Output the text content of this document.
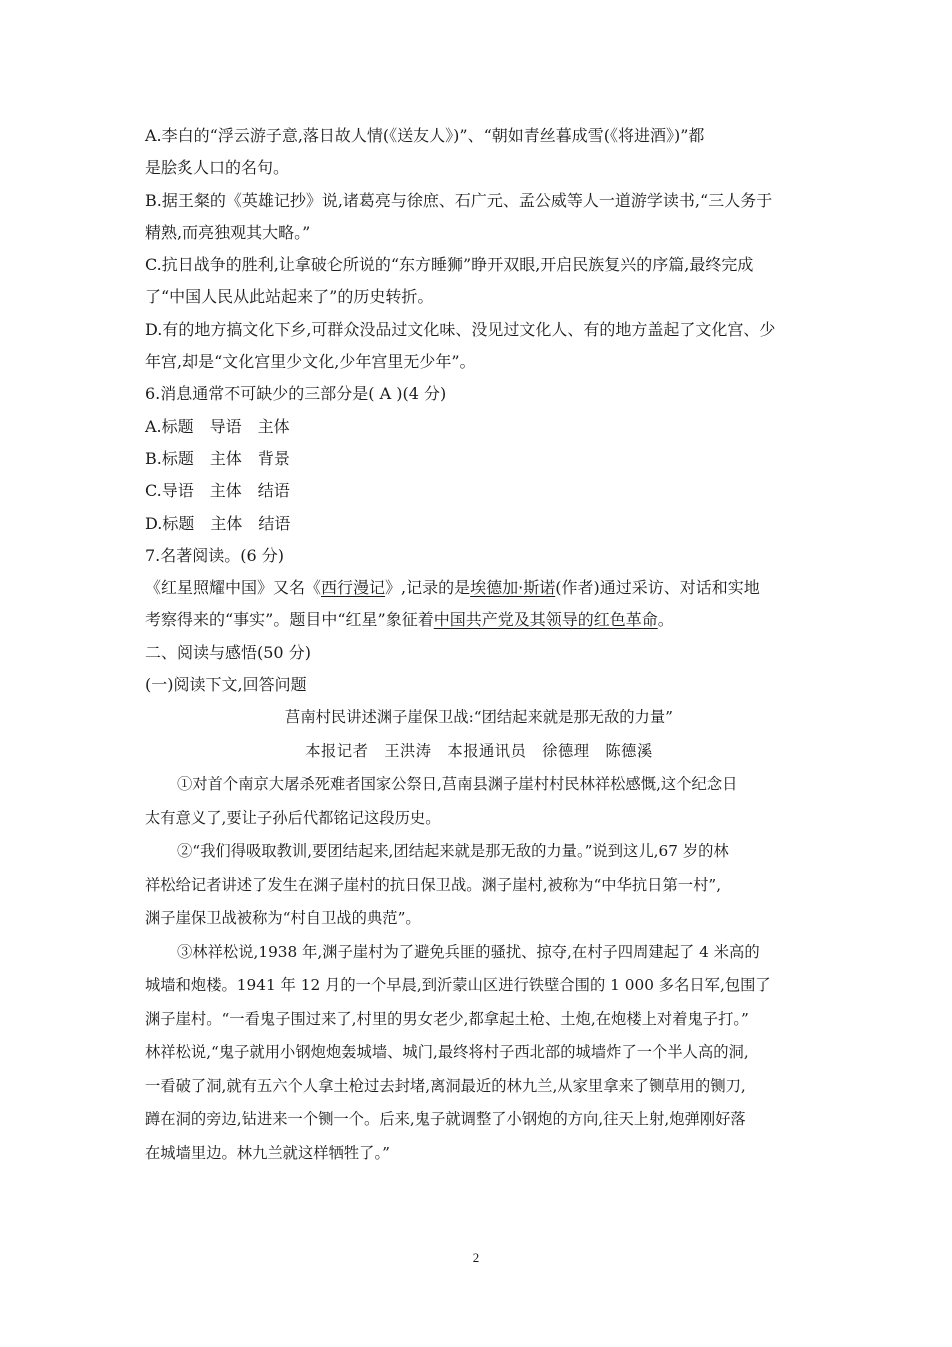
A.李白的“浮云游子意,落日故人情(《送友人》)”、“朝如青丝暮成雪(《将进酒》)”都
是脍炙人口的名句。
B.据王粲的《英雄记抄》说,诸葛亮与徐庶、石广元、孟公威等人一道游学读书,“三人务于
精熟,而亮独观其大略。”
C.抗日战争的胜利,让拿破仑所说的“东方睡狮”睁开双眼,开启民族复兴的序篇,最终完成
了“中国人民从此站起来了”的历史转折。
D.有的地方搞文化下乡,可群众没品过文化味、没见过文化人、有的地方盖起了文化宫、少
年宫,却是“文化宫里少文化,少年宫里无少年”。
6.消息通常不可缺少的三部分是( A )(4 分)
A.标题　导语　主体
B.标题　主体　背景
C.导语　主体　结语
D.标题　主体　结语
7.名著阅读。(6 分)
《红星照耀中国》又名《西行漫记》,记录的是埃德加·斯诺(作者)通过采访、对话和实地
考察得来的“事实”。题目中“红星”象征着中国共产党及其领导的红色革命。
二、阅读与感悟(50 分)
(一)阅读下文,回答问题
莒南村民讲述渊子崖保卫战:“团结起来就是那无敌的力量”
本报记者　王洪涛　本报通讯员　徐德理　陈德溪
①对首个南京大屠杀死难者国家公祭日,莒南县渊子崖村村民林祥松感慨,这个纪念日
太有意义了,要让子孙后代都铭记这段历史。
②“我们得吸取教训,要团结起来,团结起来就是那无敌的力量。”说到这儿,67 岁的林
祥松给记者讲述了发生在渊子崖村的抗日保卫战。渊子崖村,被称为“中华抗日第一村”,
渊子崖保卫战被称为“村自卫战的典范”。
③林祥松说,1938 年,渊子崖村为了避免兵匪的骚扰、掠夺,在村子四周建起了 4 米高的
城墙和炮楼。1941 年 12 月的一个早晨,到沂蒙山区进行铁壁合围的 1 000 多名日军,包围了
渊子崖村。“一看鬼子围过来了,村里的男女老少,都拿起土枪、土炮,在炮楼上对着鬼子打。”
林祥松说,“鬼子就用小钢炮炮轰城墙、城门,最终将村子西北部的城墙炸了一个半人高的洞,
一看破了洞,就有五六个人拿土枪过去封堵,离洞最近的林九兰,从家里拿来了铡草用的铡刀,
蹲在洞的旁边,钻进来一个铡一个。后来,鬼子就调整了小钢炮的方向,往天上射,炮弹刚好落
在城墙里边。林九兰就这样牺牲了。”
2
